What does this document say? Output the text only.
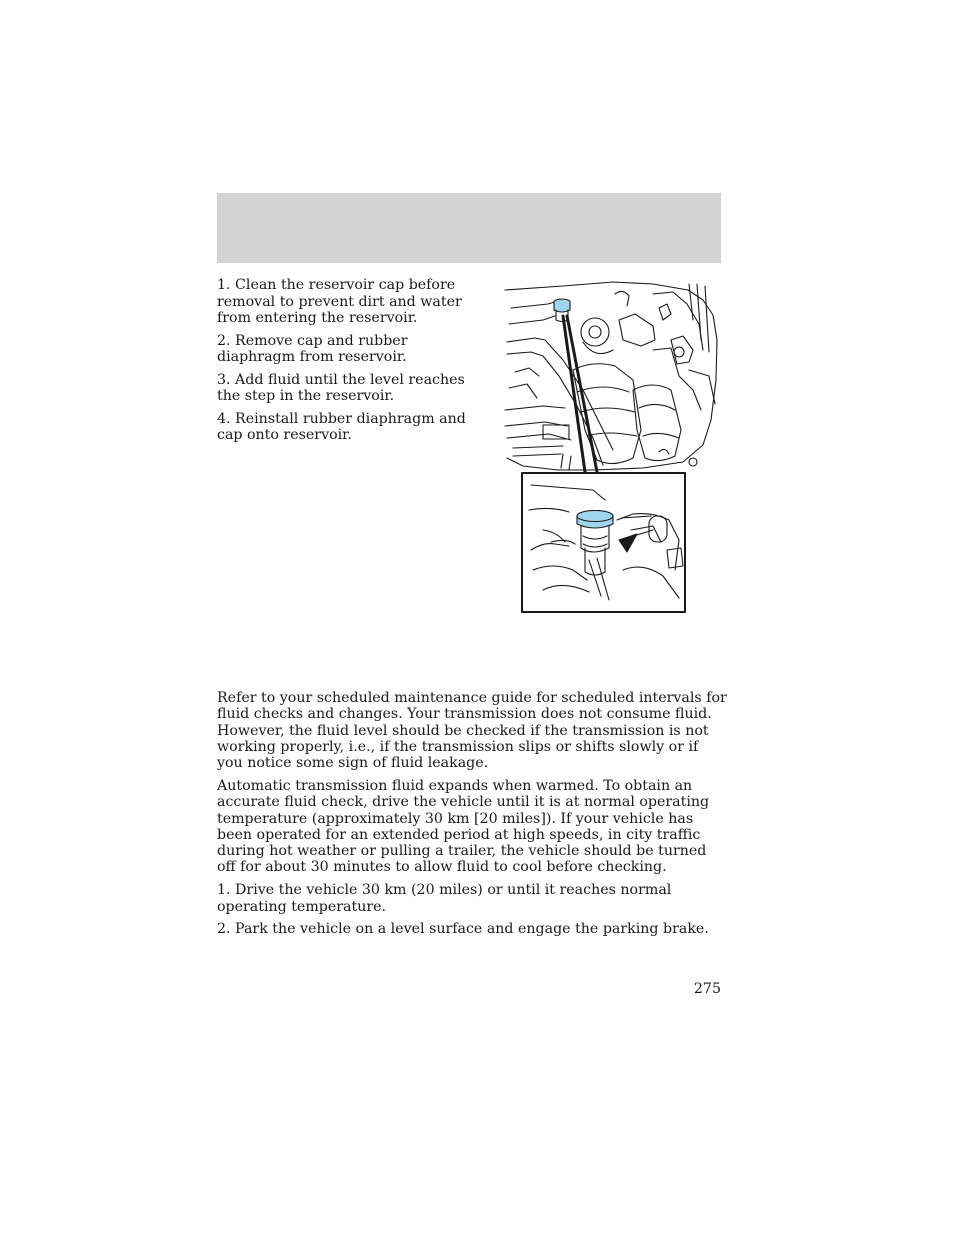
1. Clean the reservoir cap before removal to prevent dirt and water from entering the reservoir.
2. Remove cap and rubber diaphragm from reservoir.
3. Add fluid until the level reaches the step in the reservoir.
4. Reinstall rubber diaphragm and cap onto reservoir.

Refer to your scheduled maintenance guide for scheduled intervals for fluid checks and changes. Your transmission does not consume fluid. However, the fluid level should be checked if the transmission is not working properly, i.e., if the transmission slips or shifts slowly or if you notice some sign of fluid leakage.

Automatic transmission fluid expands when warmed. To obtain an accurate fluid check, drive the vehicle until it is at normal operating temperature (approximately 30 km [20 miles]). If your vehicle has been operated for an extended period at high speeds, in city traffic during hot weather or pulling a trailer, the vehicle should be turned off for about 30 minutes to allow fluid to cool before checking.

1. Drive the vehicle 30 km (20 miles) or until it reaches normal operating temperature.

2. Park the vehicle on a level surface and engage the parking brake.

275
